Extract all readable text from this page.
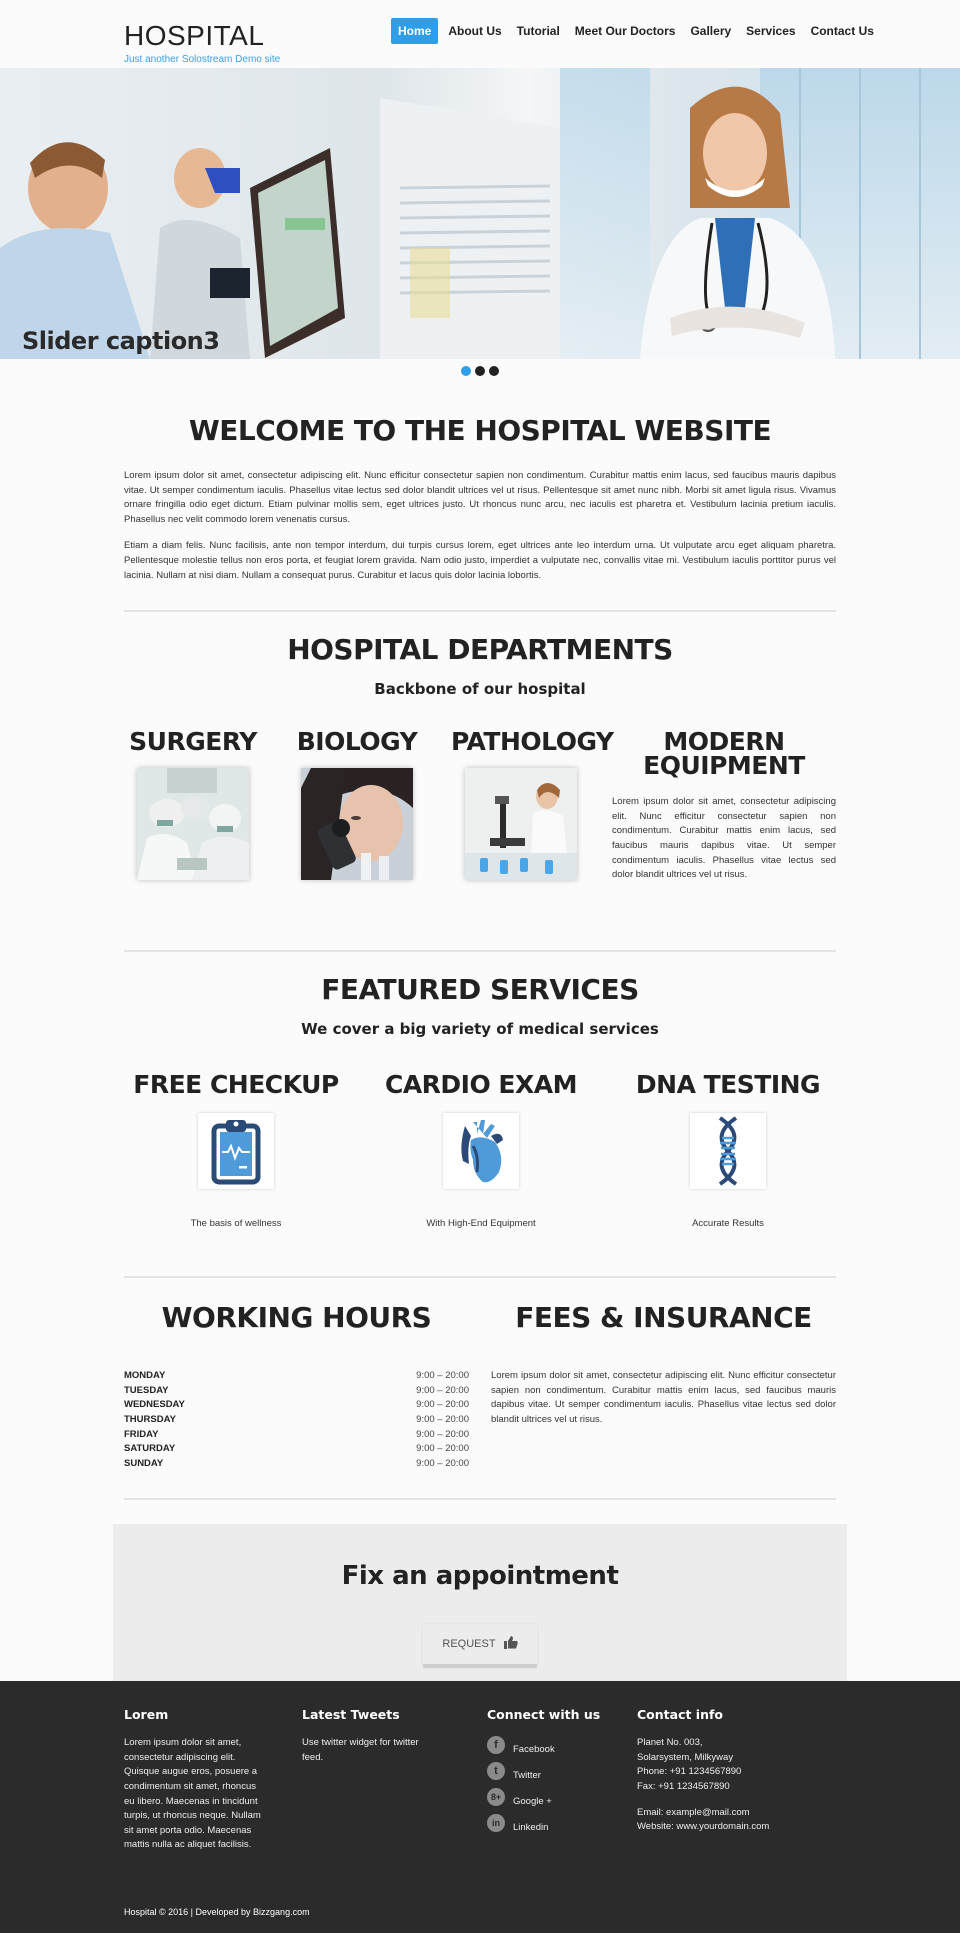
HOSPITAL
Just another Solostream Demo site
Home	About Us	Tutorial	Meet Our Doctors	Gallery	Services	Contact Us
Slider caption3
WELCOME TO THE HOSPITAL WEBSITE

Lorem ipsum dolor sit amet, consectetur adipiscing elit. Nunc efficitur consectetur sapien non condimentum. Curabitur mattis enim lacus, sed faucibus mauris dapibus vitae. Ut semper condimentum iaculis. Phasellus vitae lectus sed dolor blandit ultrices vel ut risus. Pellentesque sit amet nunc nibh. Morbi sit amet ligula risus. Vivamus ornare fringilla odio eget dictum. Etiam pulvinar mollis sem, eget ultrices justo. Ut rhoncus nunc arcu, nec iaculis est pharetra et. Vestibulum lacinia pretium iaculis. Phasellus nec velit commodo lorem venenatis cursus.

Etiam a diam felis. Nunc facilisis, ante non tempor interdum, dui turpis cursus lorem, eget ultrices ante leo interdum urna. Ut vulputate arcu eget aliquam pharetra. Pellentesque molestie tellus non eros porta, et feugiat lorem gravida. Nam odio justo, imperdiet a vulputate nec, convallis vitae mi. Vestibulum iaculis porttitor purus vel lacinia. Nullam at nisi diam. Nullam a consequat purus. Curabitur et lacus quis dolor lacinia lobortis.

HOSPITAL DEPARTMENTS
Backbone of our hospital
SURGERY	BIOLOGY	PATHOLOGY	MODERN
EQUIPMENT

Lorem ipsum dolor sit amet, consectetur adipiscing elit. Nunc efficitur consectetur sapien non condimentum. Curabitur mattis enim lacus, sed faucibus mauris dapibus vitae. Ut semper condimentum iaculis. Phasellus vitae lectus sed dolor blandit ultrices vel ut risus.

FEATURED SERVICES
We cover a big variety of medical services
FREE CHECKUP
The basis of wellness
CARDIO EXAM
With High-End Equipment
DNA TESTING
Accurate Results
WORKING HOURS
MONDAY	9:00 – 20:00
TUESDAY	9:00 – 20:00
WEDNESDAY	9:00 – 20:00
THURSDAY	9:00 – 20:00
FRIDAY	9:00 – 20:00
SATURDAY	9:00 – 20:00
SUNDAY	9:00 – 20:00
FEES & INSURANCE

Lorem ipsum dolor sit amet, consectetur adipiscing elit. Nunc efficitur consectetur sapien non condimentum. Curabitur mattis enim lacus, sed faucibus mauris dapibus vitae. Ut semper condimentum iaculis. Phasellus vitae lectus sed dolor blandit ultrices vel ut risus.

Fix an appointment
REQUEST
Lorem

Lorem ipsum dolor sit amet, consectetur adipiscing elit. Quisque augue eros, posuere a condimentum sit amet, rhoncus eu libero. Maecenas in tincidunt turpis, ut rhoncus neque. Nullam sit amet porta odio. Maecenas mattis nulla ac aliquet facilisis.

Latest Tweets

Use twitter widget for twitter feed.

Connect with us
f	Facebook
t	Twitter
8+	Google +
in	Linkedin
Contact info
Planet No. 003,
Solarsystem, Milkyway
Phone: +91 1234567890
Fax: +91 1234567890
Email: example@mail.com
Website: www.yourdomain.com
Hospital © 2016 | Developed by Bizzgang.com
